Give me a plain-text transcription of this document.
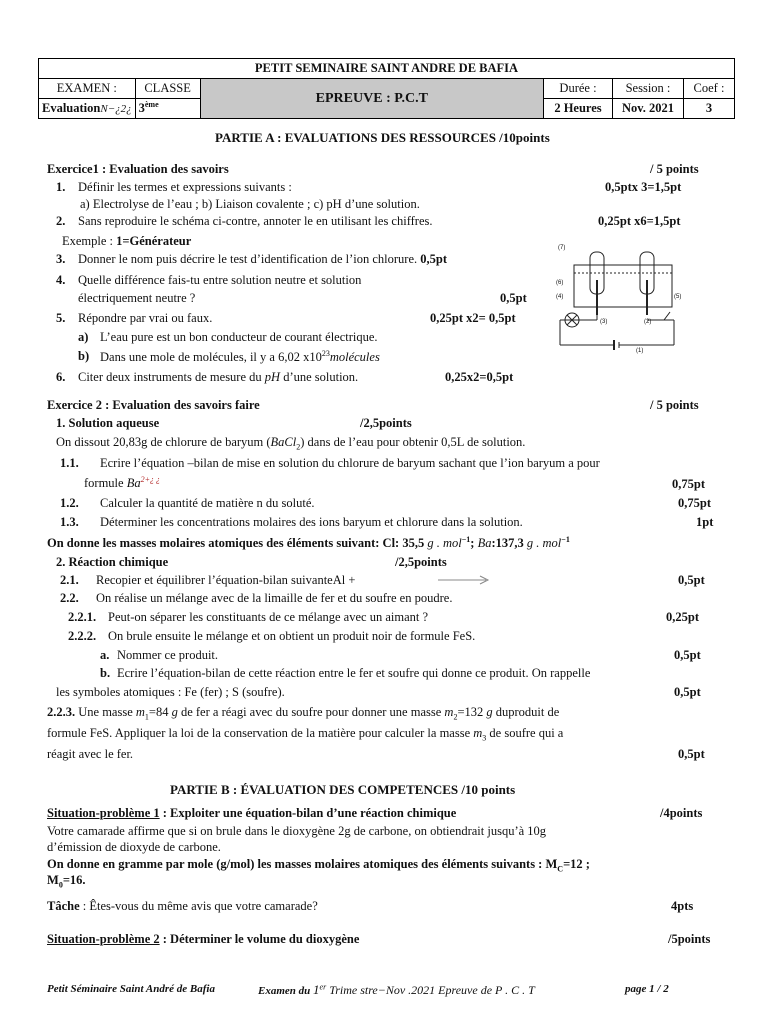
PETIT SEMINAIRE SAINT ANDRE DE BAFIA					
EXAMEN :	CLASSE	EPREUVE : P.C.T	Durée :	Session :	Coef :
EvaluationN−¿2¿	3ème		2 Heures	Nov. 2021	3
PARTIE A : EVALUATIONS DES RESSOURCES /10points
Exercice1 : Evaluation des savoirs	/ 5 points
1. Définir les termes et expressions suivants :	0,5ptx 3=1,5pt
a) Electrolyse de l’eau ; b) Liaison covalente ; c) pH d’une solution.
2. Sans reproduire le schéma ci-contre, annoter le en utilisant les chiffres.	0,25pt x6=1,5pt
Exemple : 1=Générateur
3. Donner le nom puis décrire le test d’identification de l’ion chlorure. 0,5pt
4. Quelle différence fais-tu entre solution neutre et solution
électriquement neutre ?	0,5pt
5. Répondre par vrai ou faux.	0,25pt x2= 0,5pt
a) L’eau pure est un bon conducteur de courant électrique.
b) Dans une mole de molécules, il y a 6,02 $x10^{23}molécules$
6. Citer deux instruments de mesure du pH d’une solution.	0,25x2=0,5pt
(7)
(6)
(4)	(5)
(3)	(2)
(1)
Exercice 2 : Evaluation des savoirs faire	/ 5 points
1. Solution aqueuse	/2,5points
On dissout 20,83g de chlorure de baryum (BaCl$_2$) dans de l’eau pour obtenir 0,5L de solution.
1.1. Ecrire l’équation –bilan de mise en solution du chlorure de baryum sachant que l’ion baryum a pour
formule $Ba^{2+¿ ¿}$	0,75pt
1.2. Calculer la quantité de matière n du soluté.	0,75pt
1.3. Déterminer les concentrations molaires des ions baryum et chlorure dans la solution.	1pt
On donne les masses molaires atomiques des éléments suivant: Cl: 35,5 g . mol$^{-1}$; Ba:137,3 g . mol$^{-1}$
2. Réaction chimique	/2,5points
2.1. Recopier et équilibrer l’équation-bilan suivanteAl +	0,5pt
2.2. On réalise un mélange avec de la limaille de fer et du soufre en poudre.
2.2.1. Peut-on séparer les constituants de ce mélange avec un aimant ?	0,25pt
2.2.2. On brule ensuite le mélange et on obtient un produit noir de formule FeS.
a. Nommer ce produit.	0,5pt
b. Ecrire l’équation-bilan de cette réaction entre le fer et soufre qui donne ce produit. On rappelle
les symboles atomiques : Fe (fer) ; S (soufre).	0,5pt
2.2.3. Une masse $m_1=84$ g de fer a réagi avec du soufre pour donner une masse $m_2=132$ g duproduit de
formule FeS. Appliquer la loi de la conservation de la matière pour calculer la masse $m_3$ de soufre qui a
réagit avec le fer.	0,5pt
PARTIE B : ÉVALUATION DES COMPETENCES /10 points
Situation-problème 1 : Exploiter une équation-bilan d’une réaction chimique	/4points
Votre camarade affirme que si on brule dans le dioxygène 2g de carbone, on obtiendrait jusqu’à 10g
d’émission de dioxyde de carbone.
On donne en gramme par mole (g/mol) les masses molaires atomiques des éléments suivants : $M_C=12$ ;
$M_0=16$.
Tâche : Êtes-vous du même avis que votre camarade?	4pts
Situation-problème 2 : Déterminer le volume du dioxygène	/5points
Petit Séminaire Saint André de Bafia	Examen du 1er Trime stre−Nov .2021 Epreuve de P . C . T	page 1 / 2
